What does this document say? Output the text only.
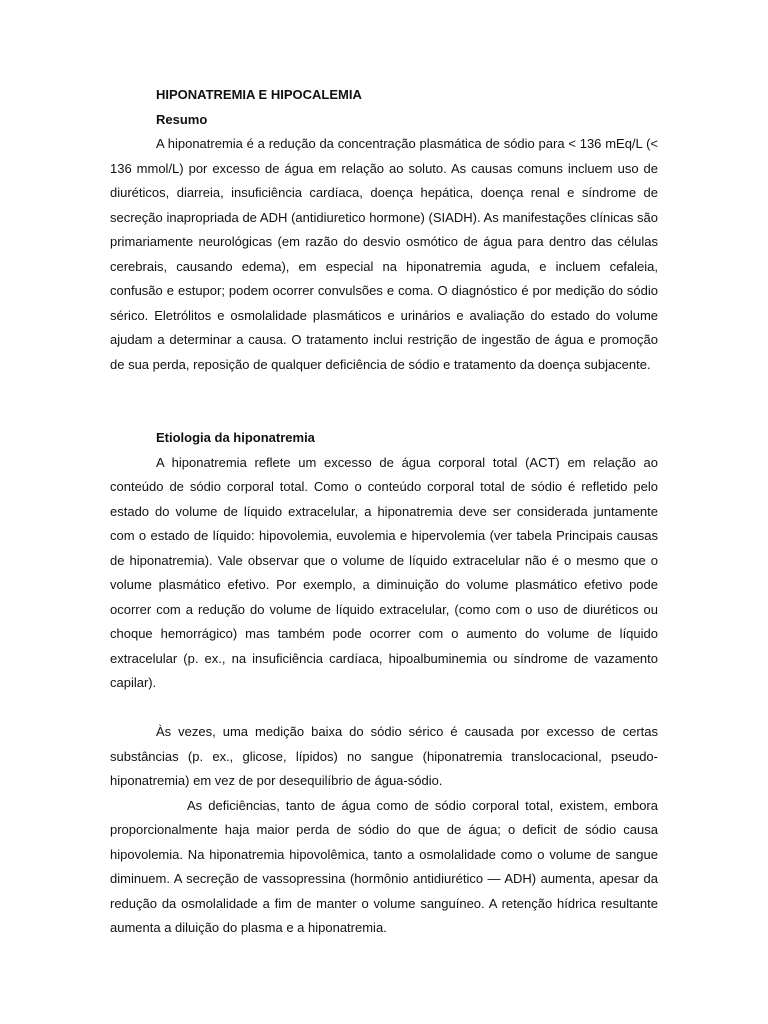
HIPONATREMIA E HIPOCALEMIA

Resumo

A hiponatremia é a redução da concentração plasmática de sódio para < 136 mEq/L (< 136 mmol/L) por excesso de água em relação ao soluto. As causas comuns incluem uso de diuréticos, diarreia, insuficiência cardíaca, doença hepática, doença renal e síndrome de secreção inapropriada de ADH (antidiuretico hormone) (SIADH). As manifestações clínicas são primariamente neurológicas (em razão do desvio osmótico de água para dentro das células cerebrais, causando edema), em especial na hiponatremia aguda, e incluem cefaleia, confusão e estupor; podem ocorrer convulsões e coma. O diagnóstico é por medição do sódio sérico. Eletrólitos e osmolalidade plasmáticos e urinários e avaliação do estado do volume ajudam a determinar a causa. O tratamento inclui restrição de ingestão de água e promoção de sua perda, reposição de qualquer deficiência de sódio e tratamento da doença subjacente.

Etiologia da hiponatremia

A hiponatremia reflete um excesso de água corporal total (ACT) em relação ao conteúdo de sódio corporal total. Como o conteúdo corporal total de sódio é refletido pelo estado do volume de líquido extracelular, a hiponatremia deve ser considerada juntamente com o estado de líquido: hipovolemia, euvolemia e hipervolemia (ver tabela Principais causas de hiponatremia). Vale observar que o volume de líquido extracelular não é o mesmo que o volume plasmático efetivo. Por exemplo, a diminuição do volume plasmático efetivo pode ocorrer com a redução do volume de líquido extracelular, (como com o uso de diuréticos ou choque hemorrágico) mas também pode ocorrer com o aumento do volume de líquido extracelular (p. ex., na insuficiência cardíaca, hipoalbuminemia ou síndrome de vazamento capilar).

Às vezes, uma medição baixa do sódio sérico é causada por excesso de certas substâncias (p. ex., glicose, lípidos) no sangue (hiponatremia translocacional, pseudo-hiponatremia) em vez de por desequilíbrio de água-sódio.

As deficiências, tanto de água como de sódio corporal total, existem, embora proporcionalmente haja maior perda de sódio do que de água; o deficit de sódio causa hipovolemia. Na hiponatremia hipovolêmica, tanto a osmolalidade como o volume de sangue diminuem. A secreção de vassopressina (hormônio antidiurético — ADH) aumenta, apesar da redução da osmolalidade a fim de manter o volume sanguíneo. A retenção hídrica resultante aumenta a diluição do plasma e a hiponatremia.
